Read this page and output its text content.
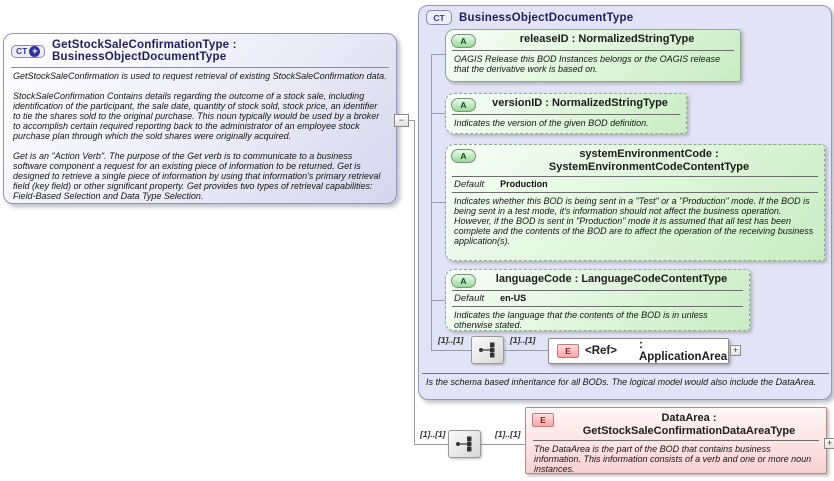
CT + GetStockSaleConfirmationType : BusinessObjectDocumentType

GetStockSaleConfirmation is used to request retrieval of existing StockSaleConfirmation data.

StockSaleConfirmation Contains details regarding the outcome of a stock sale, including identification of the participant, the sale date, quantity of stock sold, stock price, an identifier to tie the shares sold to the original purchase. This noun typically would be used by a broker to accomplish certain required reporting back to the administrator of an employee stock purchase plan through which the sold shares were originally acquired.

Get is an "Action Verb". The purpose of the Get verb is to communicate to a business software component a request for an existing piece of information to be returned. Get is designed to retrieve a single piece of information by using that information's primary retrieval field (key field) or other significant property. Get provides two types of retrieval capabilities: Field-Based Selection and Data Type Selection.

−
CT	BusinessObjectDocumentType
A	releaseID : NormalizedStringType
OAGIS Release this BOD Instances belongs or the OAGIS release that the derivative work is based on.
A	versionID : NormalizedStringType
Indicates the version of the given BOD definition.
A	systemEnvironmentCode : SystemEnvironmentCodeContentType
Default Production
Indicates whether this BOD is being sent in a "Test" or a "Production" mode. If the BOD is being sent in a test mode, it's information should not affect the business operation. However, if the BOD is sent in "Production" mode it is assumed that all test has been complete and the contents of the BOD are to affect the operation of the receiving business application(s).
A	languageCode : LanguageCodeContentType
Default en-US
Indicates the language that the contents of the BOD is in unless otherwise stated.
[1]..[1]	[1]..[1]
E	<Ref> : ApplicationArea
+
Is the schema based inheritance for all BODs. The logical model would also include the DataArea.
[1]..[1]	[1]..[1]
E	DataArea : GetStockSaleConfirmationDataAreaType
The DataArea is the part of the BOD that contains business information. This information consists of a verb and one or more noun instances.
+
